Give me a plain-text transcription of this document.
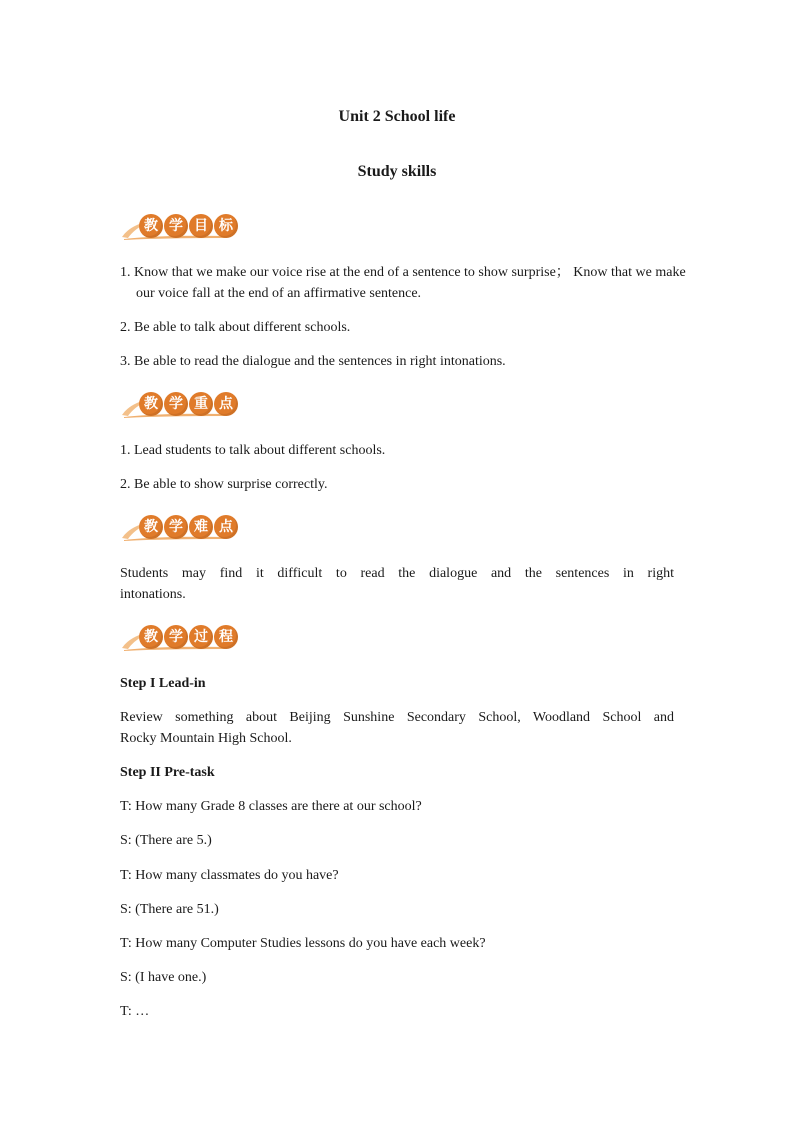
Unit 2 School life
Study skills
教 学 目 标

1. Know that we make our voice rise at the end of a sentence to show surprise； Know that we make our voice fall at the end of an affirmative sentence.

2. Be able to talk about different schools.

3. Be able to read the dialogue and the sentences in right intonations.

教 学 重 点

1. Lead students to talk about different schools.

2. Be able to show surprise correctly.

教 学 难 点
Students may find it difficult to read the dialogue and the sentences in right
intonations.
教 学 过 程

Step I Lead-in

Review something about Beijing Sunshine Secondary School, Woodland School and
Rocky Mountain High School.

Step II Pre-task

T: How many Grade 8 classes are there at our school?

S: (There are 5.)

T: How many classmates do you have?

S: (There are 51.)

T: How many Computer Studies lessons do you have each week?

S: (I have one.)

T: …
